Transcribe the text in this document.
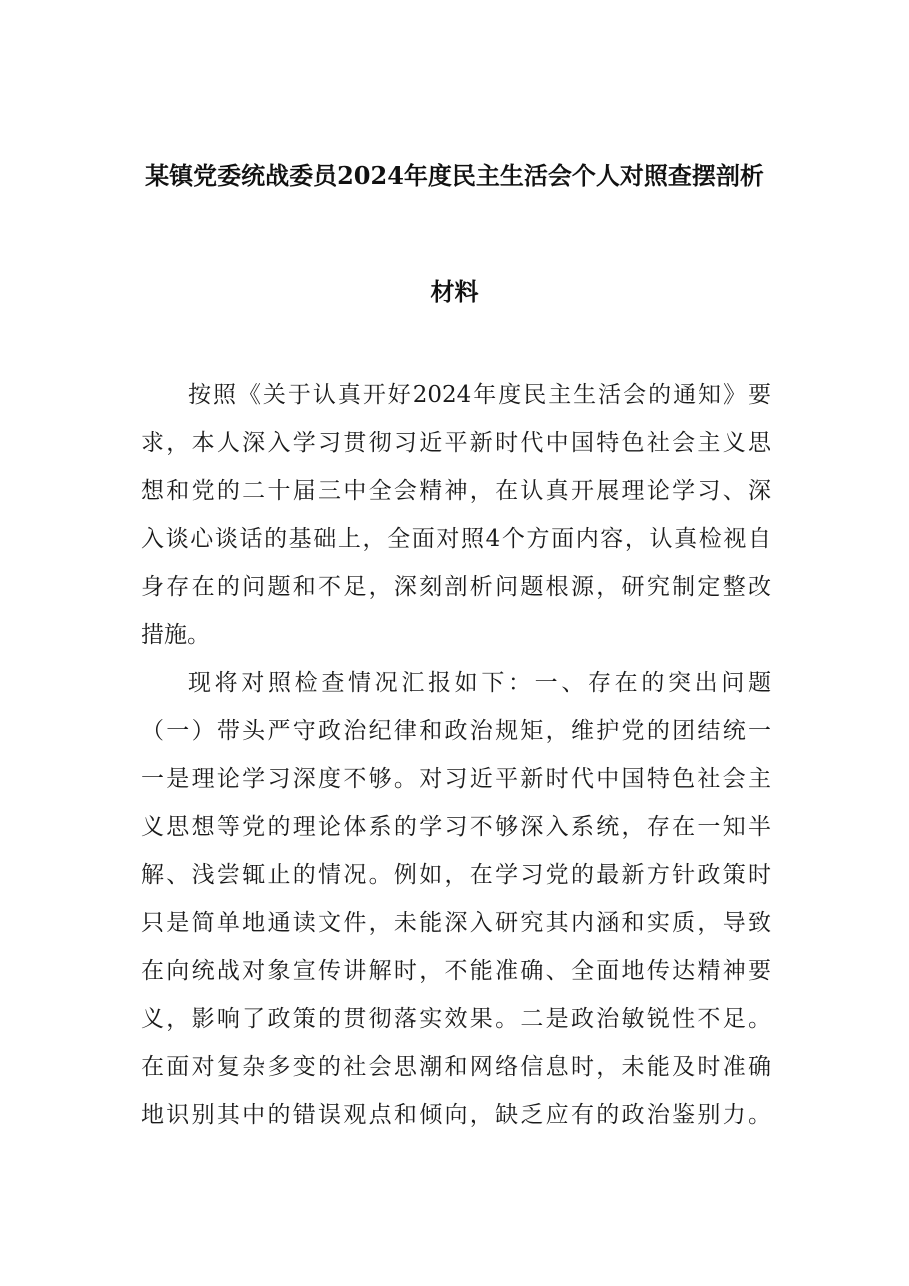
某镇党委统战委员2024年度民主生活会个人对照查摆剖析
材料

按照《关于认真开好2024年度民主生活会的通知》要

求，本人深入学习贯彻习近平新时代中国特色社会主义思

想和党的二十届三中全会精神，在认真开展理论学习、深

入谈心谈话的基础上，全面对照4个方面内容，认真检视自

身存在的问题和不足，深刻剖析问题根源，研究制定整改

措施。

现将对照检查情况汇报如下：一、存在的突出问题

（一）带头严守政治纪律和政治规矩，维护党的团结统一

一是理论学习深度不够。对习近平新时代中国特色社会主

义思想等党的理论体系的学习不够深入系统，存在一知半

解、浅尝辄止的情况。例如，在学习党的最新方针政策时

只是简单地通读文件，未能深入研究其内涵和实质，导致

在向统战对象宣传讲解时，不能准确、全面地传达精神要

义，影响了政策的贯彻落实效果。二是政治敏锐性不足。

在面对复杂多变的社会思潮和网络信息时，未能及时准确

地识别其中的错误观点和倾向，缺乏应有的政治鉴别力。
